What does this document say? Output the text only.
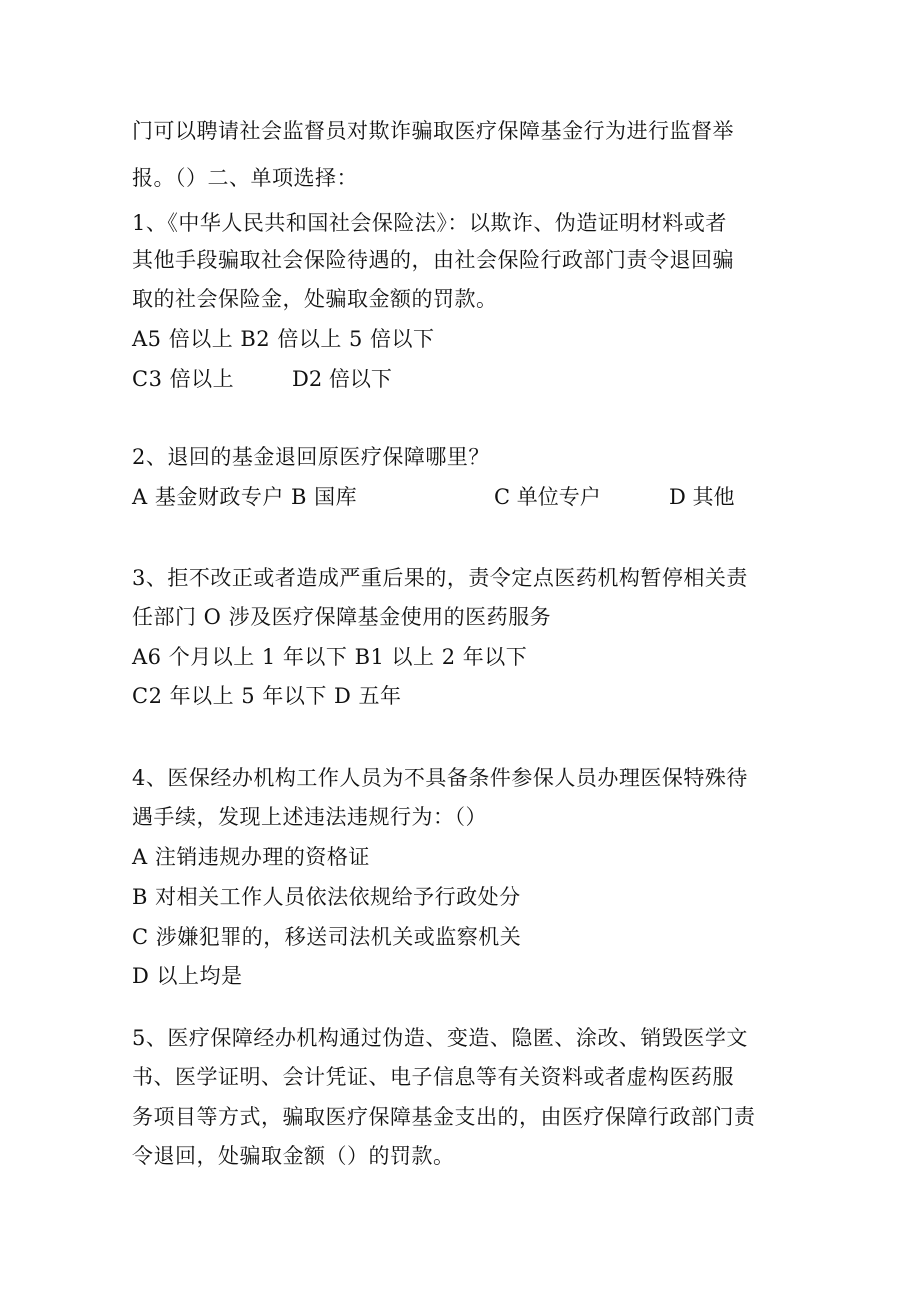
门可以聘请社会监督员对欺诈骗取医疗保障基金行为进行监督举
报。（）二、单项选择：
1、《中华人民共和国社会保险法》：以欺诈、伪造证明材料或者
其他手段骗取社会保险待遇的，由社会保险行政部门责令退回骗
取的社会保险金，处骗取金额的罚款。
A5 倍以上 B2 倍以上 5 倍以下
C3 倍以上	D2 倍以下
2、退回的基金退回原医疗保障哪里？
A 基金财政专户 B 国库	C 单位专户	D 其他
3、拒不改正或者造成严重后果的，责令定点医药机构暂停相关责
任部门 O 涉及医疗保障基金使用的医药服务
A6 个月以上 1 年以下 B1 以上 2 年以下
C2 年以上 5 年以下 D 五年
4、医保经办机构工作人员为不具备条件参保人员办理医保特殊待
遇手续，发现上述违法违规行为：（）
A 注销违规办理的资格证
B 对相关工作人员依法依规给予行政处分
C 涉嫌犯罪的，移送司法机关或监察机关
D 以上均是
5、医疗保障经办机构通过伪造、变造、隐匿、涂改、销毁医学文
书、医学证明、会计凭证、电子信息等有关资料或者虚构医药服
务项目等方式，骗取医疗保障基金支出的，由医疗保障行政部门责
令退回，处骗取金额（）的罚款。
